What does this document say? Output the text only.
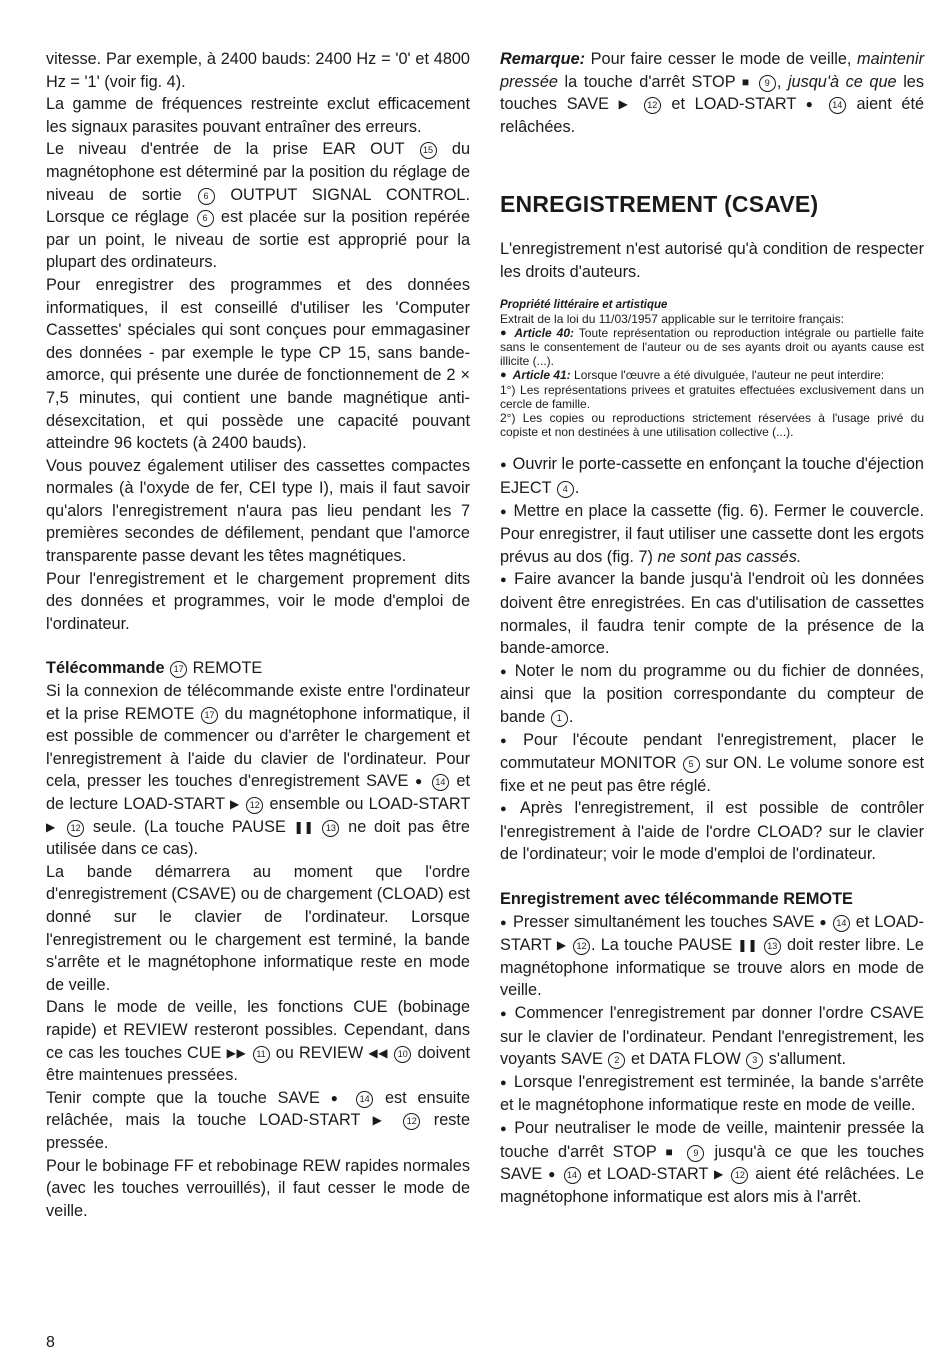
vitesse. Par exemple, à 2400 bauds: 2400 Hz = '0' et 4800 Hz = '1' (voir fig. 4).

La gamme de fréquences restreinte exclut efficacement les signaux parasites pouvant entraîner des erreurs.

Le niveau d'entrée de la prise EAR OUT 15 du magnétophone est déterminé par la position du réglage de niveau de sortie 6 OUTPUT SIGNAL CONTROL. Lorsque ce réglage 6 est placée sur la position repérée par un point, le niveau de sortie est approprié pour la plupart des ordinateurs.

Pour enregistrer des programmes et des données informatiques, il est conseillé d'utiliser les 'Computer Cassettes' spéciales qui sont conçues pour emmagasiner des données - par exemple le type CP 15, sans bande-amorce, qui présente une durée de fonctionnement de 2 × 7,5 minutes, qui contient une bande magnétique anti-désexcitation, et qui possède une capacité pouvant atteindre 96 koctets (à 2400 bauds).

Vous pouvez également utiliser des cassettes compactes normales (à l'oxyde de fer, CEI type I), mais il faut savoir qu'alors l'enregistrement n'aura pas lieu pendant les 7 premières secondes de défilement, pendant que l'amorce transparente passe devant les têtes magnétiques.

Pour l'enregistrement et le chargement proprement dits des données et programmes, voir le mode d'emploi de l'ordinateur.

Télécommande 17 REMOTE

Si la connexion de télécommande existe entre l'ordinateur et la prise REMOTE 17 du magnétophone informatique, il est possible de commencer ou d'arrêter le chargement et l'enregistrement à l'aide du clavier de l'ordinateur. Pour cela, presser les touches d'enregistrement SAVE ● 14 et de lecture LOAD-START ▶ 12 ensemble ou LOAD-START ▶ 12 seule. (La touche PAUSE ❚❚ 13 ne doit pas être utilisée dans ce cas).

La bande démarrera au moment que l'ordre d'enregistrement (CSAVE) ou de chargement (CLOAD) est donné sur le clavier de l'ordinateur. Lorsque l'enregistrement ou le chargement est terminé, la bande s'arrête et le magnétophone informatique reste en mode de veille.

Dans le mode de veille, les fonctions CUE (bobinage rapide) et REVIEW resteront possibles. Cependant, dans ce cas les touches CUE ▶▶ 11 ou REVIEW ◀◀ 10 doivent être maintenues pressées.

Tenir compte que la touche SAVE ● 14 est ensuite relâchée, mais la touche LOAD-START ▶ 12 reste pressée.

Pour le bobinage FF et rebobinage REW rapides normales (avec les touches verrouillés), il faut cesser le mode de veille.

Remarque: Pour faire cesser le mode de veille, maintenir pressée la touche d'arrêt STOP ■ 9 , jusqu'à ce que les touches SAVE ▶ 12 et LOAD-START ● 14 aient été relâchées.

ENREGISTREMENT (CSAVE)

L'enregistrement n'est autorisé qu'à condition de respecter les droits d'auteurs.

Propriété littéraire et artistique

Extrait de la loi du 11/03/1957 applicable sur le territoire français:

● Article 40: Toute représentation ou reproduction intégrale ou partielle faite sans le consentement de l'auteur ou de ses ayants droit ou ayants cause est illicite (...).

● Article 41: Lorsque l'œuvre a été divulguée, l'auteur ne peut interdire:

1°) Les représentations privees et gratuites effectuées exclusivement dans un cercle de famille.

2°) Les copies ou reproductions strictement réservées à l'usage privé du copiste et non destinées à une utilisation collective (...).

● Ouvrir le porte-cassette en enfonçant la touche d'éjection EJECT 4 .

● Mettre en place la cassette (fig. 6). Fermer le couvercle. Pour enregistrer, il faut utiliser une cassette dont les ergots prévus au dos (fig. 7) ne sont pas cassés.

● Faire avancer la bande jusqu'à l'endroit où les données doivent être enregistrées. En cas d'utilisation de cassettes normales, il faudra tenir compte de la présence de la bande-amorce.

● Noter le nom du programme ou du fichier de données, ainsi que la position correspondante du compteur de bande 1 .

● Pour l'écoute pendant l'enregistrement, placer le commutateur MONITOR 5 sur ON. Le volume sonore est fixe et ne peut pas être réglé.

● Après l'enregistrement, il est possible de contrôler l'enregistrement à l'aide de l'ordre CLOAD? sur le clavier de l'ordinateur; voir le mode d'emploi de l'ordinateur.

Enregistrement avec télécommande REMOTE

● Presser simultanément les touches SAVE ● 14 et LOAD-START ▶ 12 . La touche PAUSE ❚❚ 13 doit rester libre. Le magnétophone informatique se trouve alors en mode de veille.

● Commencer l'enregistrement par donner l'ordre CSAVE sur le clavier de l'ordinateur. Pendant l'enregistrement, les voyants SAVE 2 et DATA FLOW 3 s'allument.

● Lorsque l'enregistrement est terminée, la bande s'arrête et le magnétophone informatique reste en mode de veille.

● Pour neutraliser le mode de veille, maintenir pressée la touche d'arrêt STOP ■ 9 jusqu'à ce que les touches SAVE ● 14 et LOAD-START ▶ 12 aient été relâchées. Le magnétophone informatique est alors mis à l'arrêt.

8
